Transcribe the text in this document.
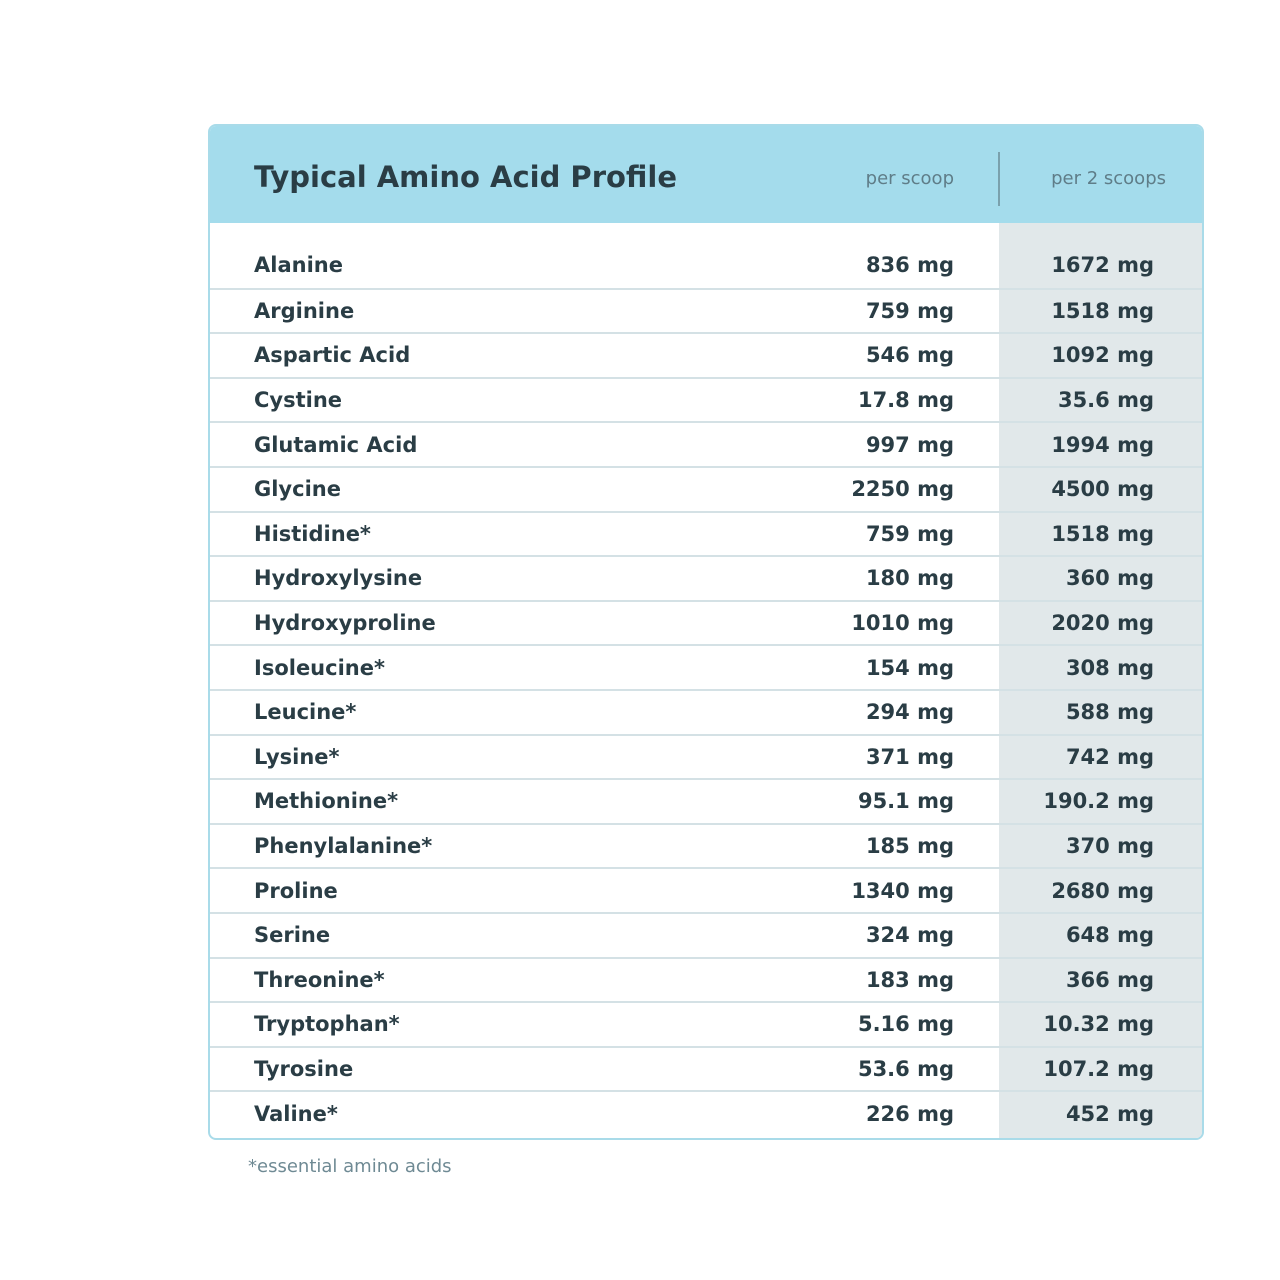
Typical Amino Acid Profile	per scoop	per 2 scoops
Alanine	836 mg	1672 mg
Arginine	759 mg	1518 mg
Aspartic Acid	546 mg	1092 mg
Cystine	17.8 mg	35.6 mg
Glutamic Acid	997 mg	1994 mg
Glycine	2250 mg	4500 mg
Histidine*	759 mg	1518 mg
Hydroxylysine	180 mg	360 mg
Hydroxyproline	1010 mg	2020 mg
Isoleucine*	154 mg	308 mg
Leucine*	294 mg	588 mg
Lysine*	371 mg	742 mg
Methionine*	95.1 mg	190.2 mg
Phenylalanine*	185 mg	370 mg
Proline	1340 mg	2680 mg
Serine	324 mg	648 mg
Threonine*	183 mg	366 mg
Tryptophan*	5.16 mg	10.32 mg
Tyrosine	53.6 mg	107.2 mg
Valine*	226 mg	452 mg
*essential amino acids
